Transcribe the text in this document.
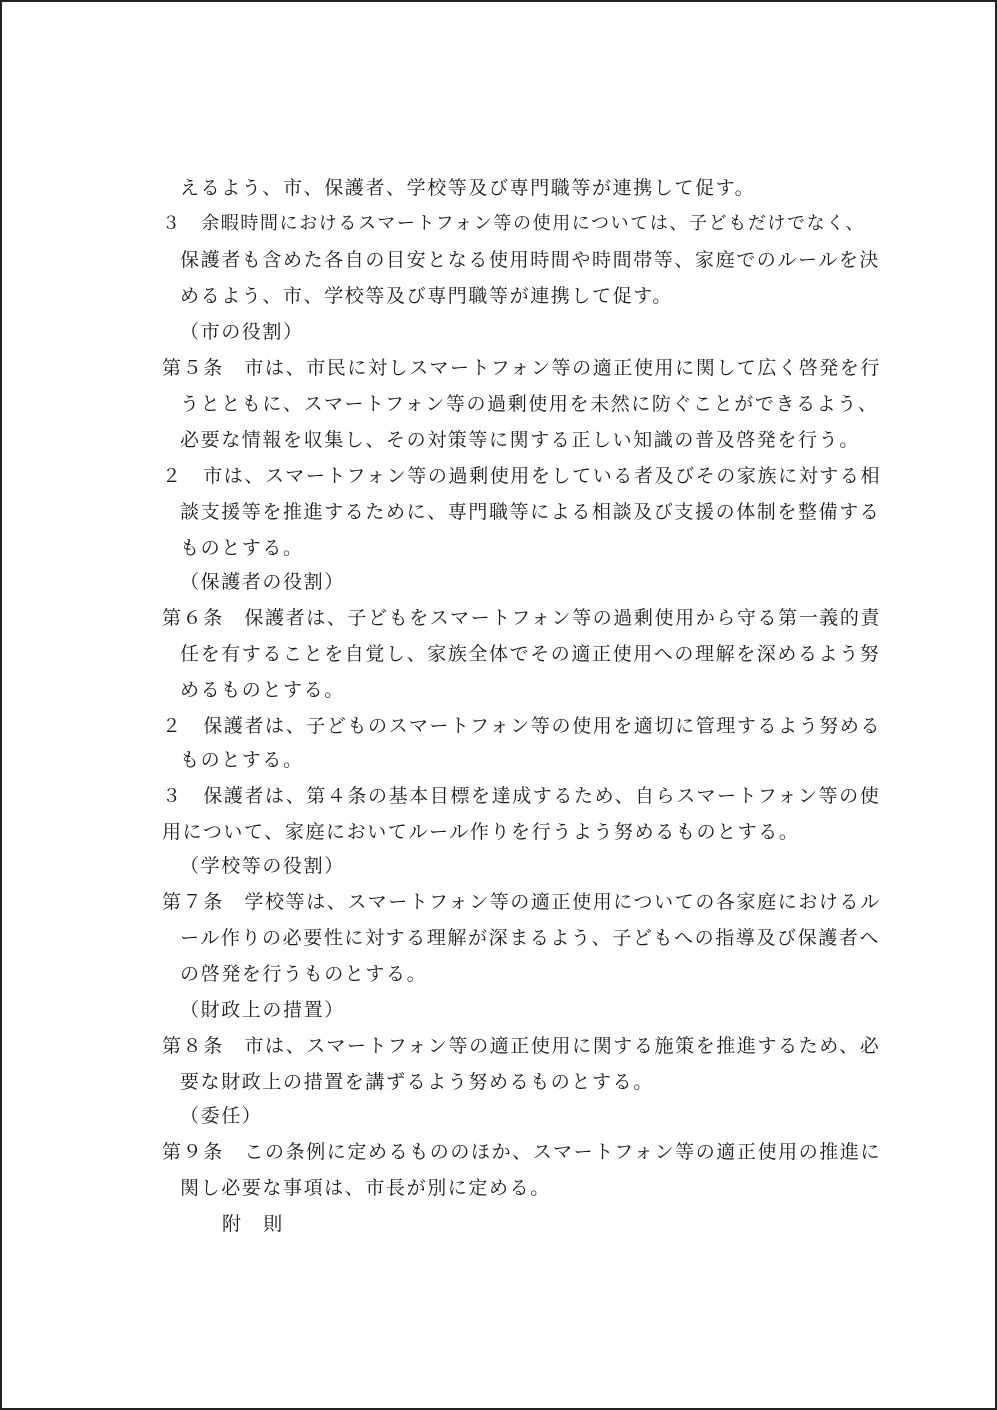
えるよう、市、保護者、学校等及び専門職等が連携して促す。
３　余暇時間におけるスマートフォン等の使用については、子どもだけでなく、
保護者も含めた各自の目安となる使用時間や時間帯等、家庭でのルールを決
めるよう、市、学校等及び専門職等が連携して促す。
（市の役割）
第５条　市は、市民に対しスマートフォン等の適正使用に関して広く啓発を行
うとともに、スマートフォン等の過剰使用を未然に防ぐことができるよう、
必要な情報を収集し、その対策等に関する正しい知識の普及啓発を行う。
２　市は、スマートフォン等の過剰使用をしている者及びその家族に対する相
談支援等を推進するために、専門職等による相談及び支援の体制を整備する
ものとする。
（保護者の役割）
第６条　保護者は、子どもをスマートフォン等の過剰使用から守る第一義的責
任を有することを自覚し、家族全体でその適正使用への理解を深めるよう努
めるものとする。
２　保護者は、子どものスマートフォン等の使用を適切に管理するよう努める
ものとする。
３　保護者は、第４条の基本目標を達成するため、自らスマートフォン等の使
用について、家庭においてルール作りを行うよう努めるものとする。
（学校等の役割）
第７条　学校等は、スマートフォン等の適正使用についての各家庭におけるル
ール作りの必要性に対する理解が深まるよう、子どもへの指導及び保護者へ
の啓発を行うものとする。
（財政上の措置）
第８条　市は、スマートフォン等の適正使用に関する施策を推進するため、必
要な財政上の措置を講ずるよう努めるものとする。
（委任）
第９条　この条例に定めるもののほか、スマートフォン等の適正使用の推進に
関し必要な事項は、市長が別に定める。
附　則
